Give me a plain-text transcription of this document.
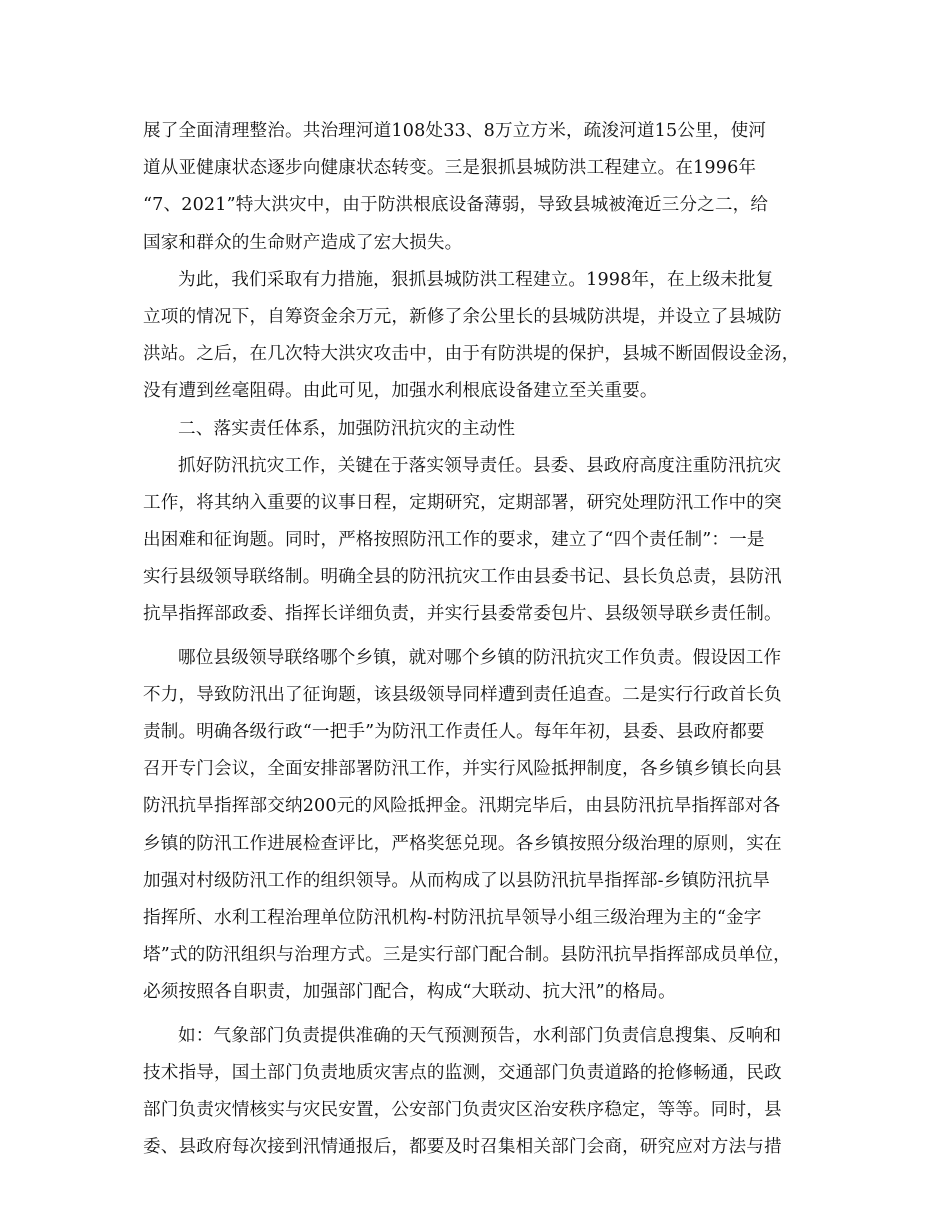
展了全面清理整治。共治理河道108处33、8万立方米，疏浚河道15公里，使河
道从亚健康状态逐步向健康状态转变。三是狠抓县城防洪工程建立。在1996年
“7、2021”特大洪灾中，由于防洪根底设备薄弱，导致县城被淹近三分之二，给
国家和群众的生命财产造成了宏大损失。
为此，我们采取有力措施，狠抓县城防洪工程建立。1998年，在上级未批复
立项的情况下，自筹资金余万元，新修了余公里长的县城防洪堤，并设立了县城防
洪站。之后，在几次特大洪灾攻击中，由于有防洪堤的保护，县城不断固假设金汤，
没有遭到丝毫阻碍。由此可见，加强水利根底设备建立至关重要。
二、落实责任体系，加强防汛抗灾的主动性
抓好防汛抗灾工作，关键在于落实领导责任。县委、县政府高度注重防汛抗灾
工作，将其纳入重要的议事日程，定期研究，定期部署，研究处理防汛工作中的突
出困难和征询题。同时，严格按照防汛工作的要求，建立了“四个责任制”：一是
实行县级领导联络制。明确全县的防汛抗灾工作由县委书记、县长负总责，县防汛
抗旱指挥部政委、指挥长详细负责，并实行县委常委包片、县级领导联乡责任制。
哪位县级领导联络哪个乡镇，就对哪个乡镇的防汛抗灾工作负责。假设因工作
不力，导致防汛出了征询题，该县级领导同样遭到责任追查。二是实行行政首长负
责制。明确各级行政“一把手”为防汛工作责任人。每年年初，县委、县政府都要
召开专门会议，全面安排部署防汛工作，并实行风险抵押制度，各乡镇乡镇长向县
防汛抗旱指挥部交纳200元的风险抵押金。汛期完毕后，由县防汛抗旱指挥部对各
乡镇的防汛工作进展检查评比，严格奖惩兑现。各乡镇按照分级治理的原则，实在
加强对村级防汛工作的组织领导。从而构成了以县防汛抗旱指挥部-乡镇防汛抗旱
指挥所、水利工程治理单位防汛机构-村防汛抗旱领导小组三级治理为主的“金字
塔”式的防汛组织与治理方式。三是实行部门配合制。县防汛抗旱指挥部成员单位，
必须按照各自职责，加强部门配合，构成“大联动、抗大汛”的格局。
如：气象部门负责提供准确的天气预测预告，水利部门负责信息搜集、反响和
技术指导，国土部门负责地质灾害点的监测，交通部门负责道路的抢修畅通，民政
部门负责灾情核实与灾民安置，公安部门负责灾区治安秩序稳定，等等。同时，县
委、县政府每次接到汛情通报后，都要及时召集相关部门会商，研究应对方法与措
